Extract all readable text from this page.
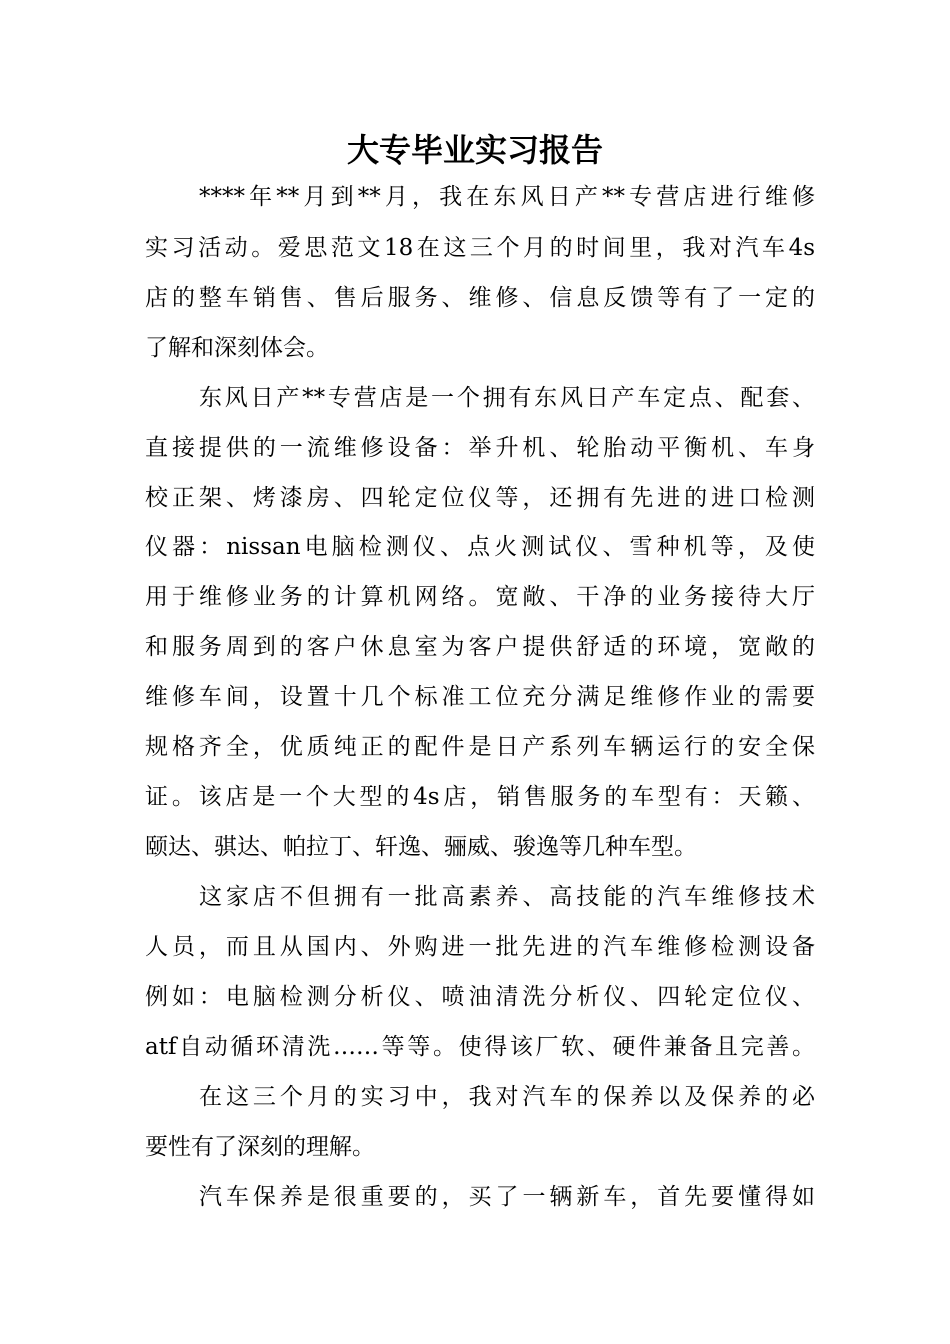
大专毕业实习报告

****年**月到**月，我在东风日产**专营店进行维修

实习活动。爱思范文18在这三个月的时间里，我对汽车4s

店的整车销售、售后服务、维修、信息反馈等有了一定的

了解和深刻体会。

东风日产**专营店是一个拥有东风日产车定点、配套、

直接提供的一流维修设备：举升机、轮胎动平衡机、车身

校正架、烤漆房、四轮定位仪等，还拥有先进的进口检测

仪器：nissan电脑检测仪、点火测试仪、雪种机等，及使

用于维修业务的计算机网络。宽敞、干净的业务接待大厅

和服务周到的客户休息室为客户提供舒适的环境，宽敞的

维修车间，设置十几个标准工位充分满足维修作业的需要

规格齐全，优质纯正的配件是日产系列车辆运行的安全保

证。该店是一个大型的4s店，销售服务的车型有：天籁、

颐达、骐达、帕拉丁、轩逸、骊威、骏逸等几种车型。

这家店不但拥有一批高素养、高技能的汽车维修技术

人员，而且从国内、外购进一批先进的汽车维修检测设备

例如：电脑检测分析仪、喷油清洗分析仪、四轮定位仪、

atf自动循环清洗……等等。使得该厂软、硬件兼备且完善。

在这三个月的实习中，我对汽车的保养以及保养的必

要性有了深刻的理解。

汽车保养是很重要的，买了一辆新车，首先要懂得如
